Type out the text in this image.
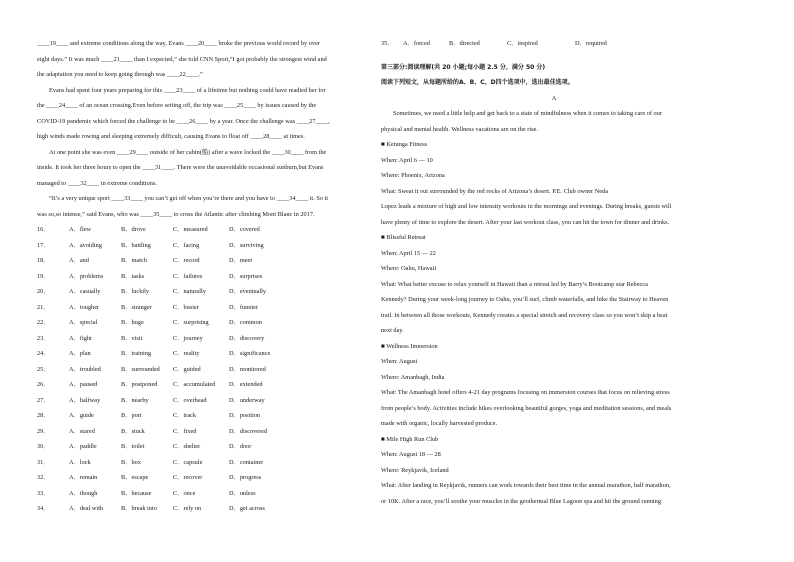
____19____ and extreme conditions along the way, Evans ____20____ broke the previous world record by over

eight days.” It was much ____21____ than I expected,” she told CNN Sport,“I got probably the strongest wind and

the adaptation you need to keep going through was ____22____.”

Evans had spent four years preparing for this ____23____ of a lifetime but nothing could have readied her for

the ____24____ of an ocean crossing.Even before setting off, the trip was ____25____ by issues caused by the

COVID-19 pandemic which forced the challenge to be ____26____ by a year. Once the challenge was ____27____,

high winds made rowing and sleeping extremely difficult, causing Evans to float off ____28____ at times.

At one point she was even ____29____ outside of her cabin(船) after a wave locked the ____30____ from the

inside. It took her three hours to open the ____31____. There were the unavoidable occasional sunburn,but Evans

managed to ____32____ in extreme conditions.

“It’s a very unique sport ____33____ you can’t get off when you’re there and you have to ____34____ it. So it

was so,so intense,” said Evans, who was ____35____ to cross the Atlantic after climbing Mont Blanc in 2017.

16．	A．flew	B．drove	C．measured	D．covered

17．	A．avoiding	B．battling	C．facing	D．surviving

18．	A．and	B．match	C．record	D．meet

19．	A．problems	B．tasks	C．failures	D．surprises

20．	A．casually	B．luckily	C．naturally	D．eventually

21．	A．tougher	B．stranger	C．busier	D．funnier

22．	A．special	B．huge	C．surprising	D．common

23．	A．fight	B．visit	C．journey	D．discovery

24．	A．plan	B．training	C．reality	D．significance

25．	A．troubled	B．surrounded	C．guided	D．monitored

26．	A．paused	B．postponed	C．accumulated	D．extended

27．	A．halfway	B．nearby	C．overhead	D．underway

28．	A．guide	B．port	C．track	D．position

29．	A．stared	B．stuck	C．fixed	D．discovered

30．	A．paddle	B．toilet	C．shelter	D．door

31．	A．lock	B．box	C．capsule	D．container

32．	A．remain	B．escape	C．recover	D．progress

33．	A．though	B．because	C．once	D．unless

34．	A．deal with	B．break into	C．rely on	D．get across

35． A．forced	B．directed	C．inspired	D．required

第三部分:阅读理解(共 20 小题;每小题 2.5 分，满分 50 分)

阅读下列短文，从每题所给的A、B、C、D四个选项中，选出最佳选项。

A

Sometimes, we need a little help and get back to a state of mindfulness when it comes to taking care of our

physical and mental health. Wellness vacations are on the rise.

■ Ketunga Fitness

When: April 6 — 10

Where: Phoenix, Arizona

What: Sweat it out surrounded by the red rocks of Arizona’s desert. P.E. Club owner Neda

Lopez leads a mixture of high and low intensity workouts in the mornings and evenings. During breaks, guests will

have plenty of time to explore the desert. After your last workout class, you can hit the town for dinner and drinks.

■ Blissful Retreat

When: April 15 — 22

Where: Oahu, Hawaii

What: What better excuse to relax yourself in Hawaii than a retreat led by Barry’s Bootcamp star Rebecca

Kennedy? During your week-long journey to Oahu, you’ll surf, climb waterfalls, and hike the Stairway to Heaven

trail. In between all those workouts, Kennedy creates a special stretch and recovery class so you won’t skip a beat

next day.

■ Wellness Immersion

When: August

Where: Amanbagh, India

What: The Amanbagh hotel offers 4-21 day programs focusing on immersion courses that focus on relieving stress

from people’s body. Activities include hikes overlooking beautiful gorges, yoga and meditation sessions, and meals

made with organic, locally harvested produce.

■ Mile High Run Club

When: August 18 — 28

Where: Reykjavik, Iceland

What: After landing in Reykjavik, runners can work towards their best time in the annual marathon, half marathon,

or 10K. After a race, you’ll soothe your muscles in the geothermal Blue Lagoon spa and hit the ground running
